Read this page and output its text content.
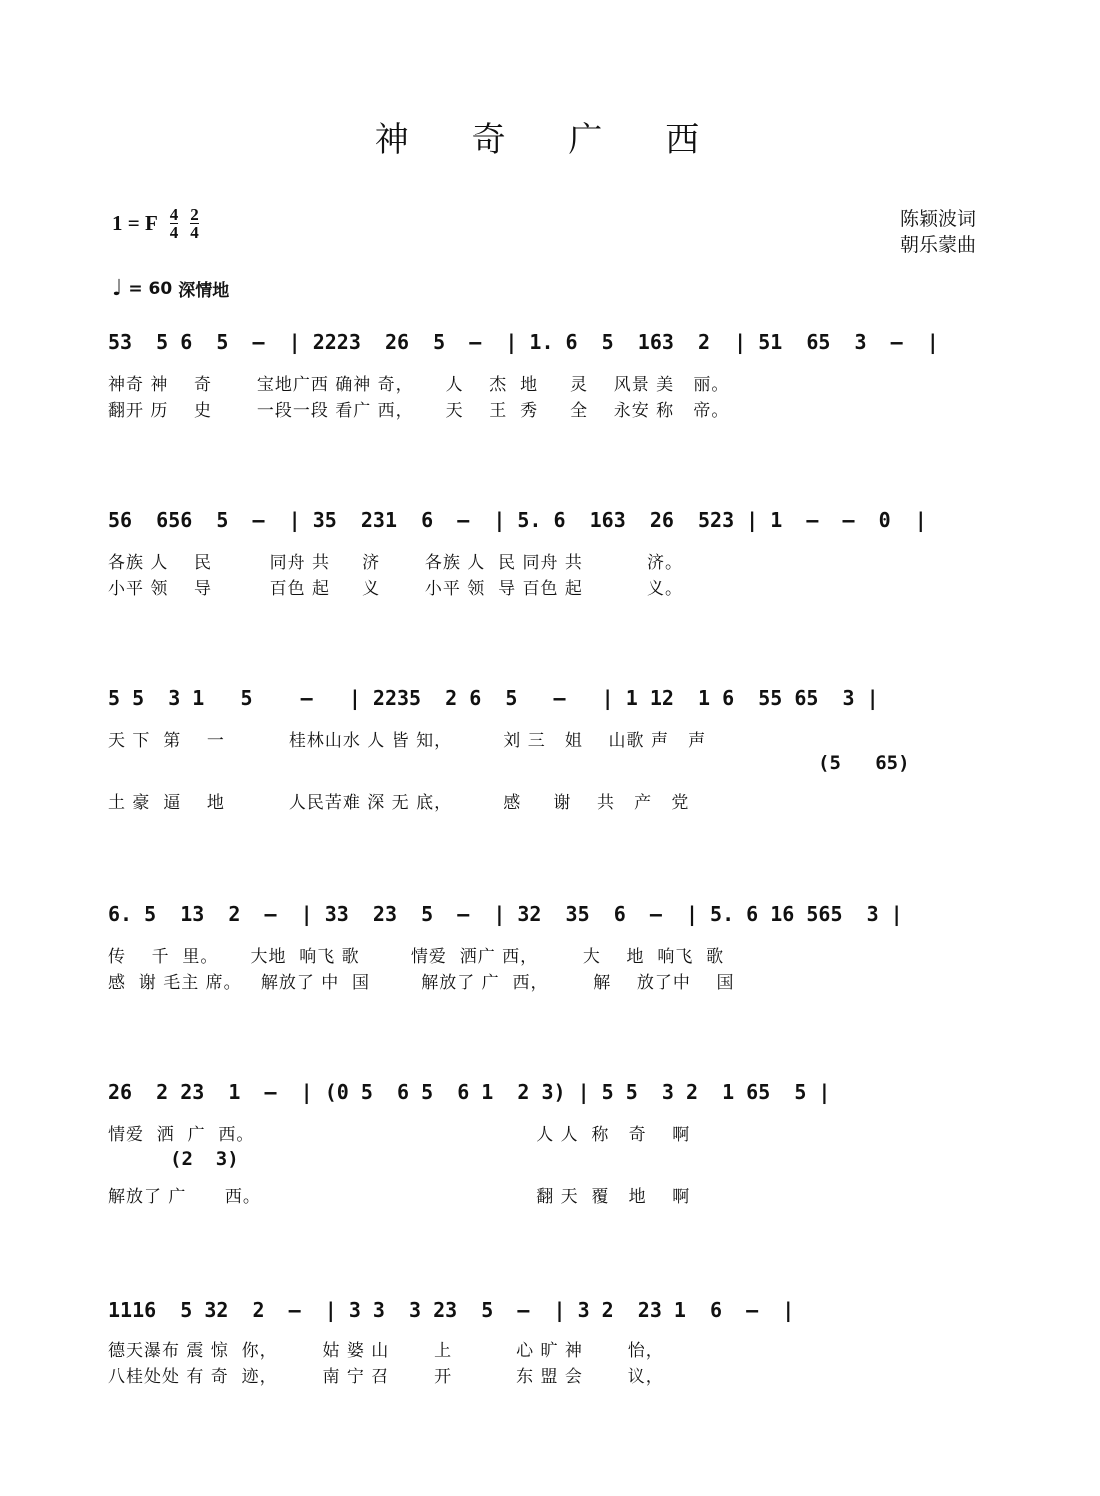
神 奇 广 西
1 = F $\frac{4}{4} \frac{2}{4}$	陈颖波词
朝乐蒙曲
♩ = 60 深情地
53  5 6  5  –  | 2223  26  5  –  | 1. 6  5  163  2  | 51  65  3  –  |
神奇 神    奇       宝地广西 确神 奇，     人    杰  地     灵    风景 美   丽。
翻开 历    史       一段一段 看广 西，     天    王  秀     全    永安 称   帝。
56  656  5  –  | 35  231  6  –  | 5. 6  163  26  523 | 1  –  –  0  |
各族 人    民         同舟 共     济       各族 人  民 同舟 共          济。
小平 领    导         百色 起     义       小平 领  导 百色 起          义。
5 5  3 1   5    –   | 2235  2 6  5   –   | 1 12  1 6  55 65  3 |
天 下  第    一          桂林山水 人 皆 知，        刘 三   姐    山歌 声   声
(5   65)
土 豪  逼    地          人民苦难 深 无 底，        感     谢    共   产   党
6. 5  13  2  –  | 33  23  5  –  | 32  35  6  –  | 5. 6 16 565  3 |
传    千  里。     大地  响飞 歌        情爱  洒广 西，       大    地  响飞  歌
感  谢 毛主 席。   解放了 中  国        解放了 广  西，       解    放了中    国
26  2 23  1  –  | (0 5  6 5  6 1  2 3) | 5 5  3 2  1 65  5 |
情爱  洒  广  西。                                            人 人  称   奇    啊
(2  3)
解放了 广      西。                                           翻 天  覆   地    啊
1116  5 32  2  –  | 3 3  3 23  5  –  | 3 2  23 1  6  –  |
德天瀑布 震 惊  你，       姑 婆 山       上          心 旷 神       怡，
八桂处处 有 奇  迹，       南 宁 召       开          东 盟 会       议，
